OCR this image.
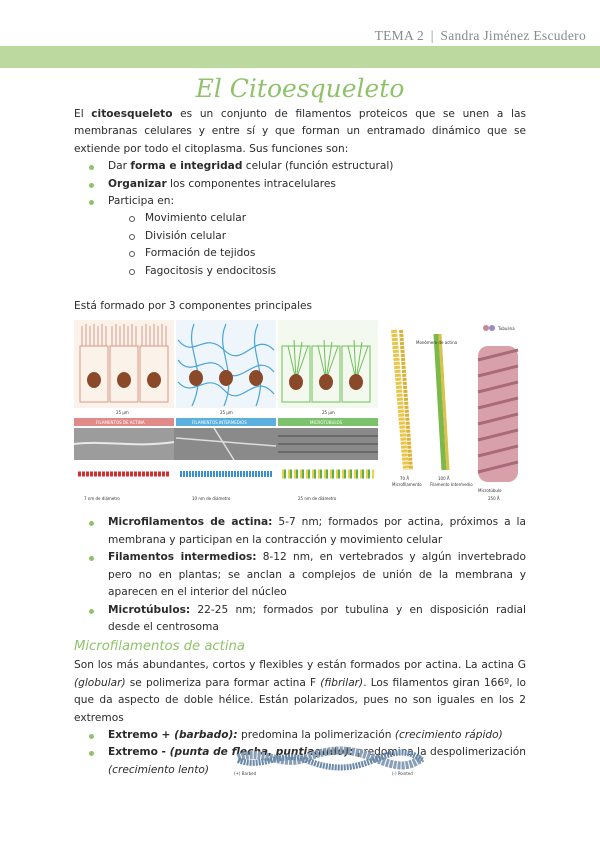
TEMA 2 | Sandra Jiménez Escudero
El Citoesqueleto

El citoesqueleto es un conjunto de filamentos proteicos que se unen a las membranas celulares y entre sí y que forman un entramado dinámico que se extiende por todo el citoplasma. Sus funciones son:

Dar forma e integridad celular (función estructural)
Organizar los componentes intracelulares
Participa en:
Movimiento celular
División celular
Formación de tejidos
Fagocitosis y endocitosis

Está formado por 3 componentes principales

25 μm	25 μm	25 μm
FILAMENTOS DE ACTINA	FILAMENTOS INTERMEDIOS	MICROTÚBULOS
7 nm de diámetro	10 nm de diámetro	25 nm de diámetro
Monómero de actina
Microfilamento Filamento Intermedio
Tubulina
Microtúbulo
70 Å	100 Å
250 Å
Microfilamentos de actina: 5-7 nm; formados por actina, próximos a la membrana y participan en la contracción y movimiento celular
Filamentos intermedios: 8-12 nm, en vertebrados y algún invertebrado pero no en plantas; se anclan a complejos de unión de la membrana y aparecen en el interior del núcleo
Microtúbulos: 22-25 nm; formados por tubulina y en disposición radial desde el centrosoma
Microfilamentos de actina

Son los más abundantes, cortos y flexibles y están formados por actina. La actina G (globular) se polimeriza para formar actina F (fibrilar). Los filamentos giran 166º, lo que da aspecto de doble hélice. Están polarizados, pues no son iguales en los 2 extremos

Extremo + (barbado): predomina la polimerización (crecimiento rápido)
Extremo - (punta de flecha, puntiagudo): predomina la despolimerización (crecimiento lento)	(+) Barbed	(-) Pointed
